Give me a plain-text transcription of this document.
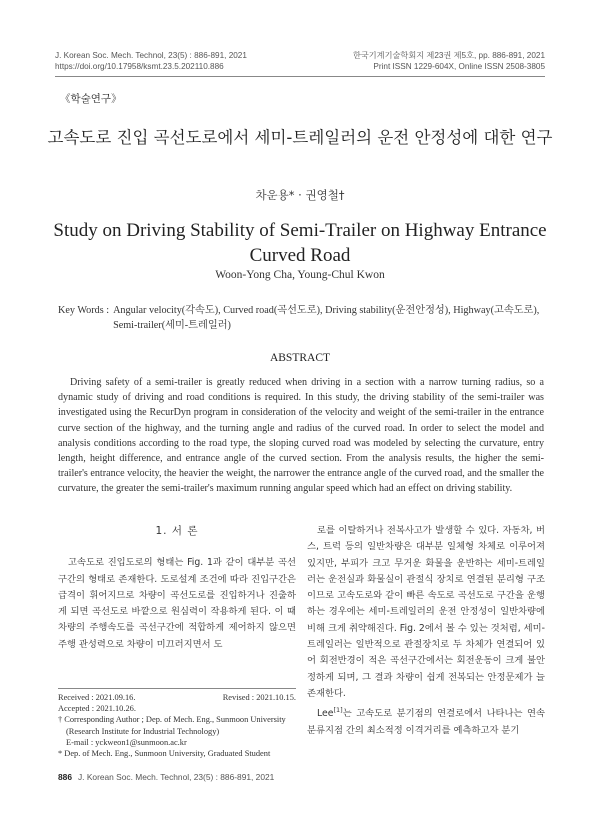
J. Korean Soc. Mech. Technol, 23(5) : 886-891, 2021
https://doi.org/10.17958/ksmt.23.5.202110.886
한국기계기술학회지 제23권 제5호, pp. 886-891, 2021
Print ISSN 1229-604X, Online ISSN 2508-3805
《학술연구》
고속도로 진입 곡선도로에서 세미-트레일러의 운전 안정성에 대한 연구
차운용* · 권영철†
Study on Driving Stability of Semi-Trailer on Highway Entrance
Curved Road
Woon-Yong Cha, Young-Chul Kwon
Key Words : Angular velocity(각속도), Curved road(곡선도로), Driving stability(운전안정성), Highway(고속도로), Semi-trailer(세미-트레일러)
ABSTRACT

Driving safety of a semi-trailer is greatly reduced when driving in a section with a narrow turning radius, so a dynamic study of driving and road conditions is required. In this study, the driving stability of the semi-trailer was investigated using the RecurDyn program in consideration of the velocity and weight of the semi-trailer in the entrance curve section of the highway, and the turning angle and radius of the curved road. In order to select the model and analysis conditions according to the road type, the sloping curved road was modeled by selecting the curvature, entry length, height difference, and entrance angle of the curved section. From the analysis results, the higher the semi-trailer's entrance velocity, the heavier the weight, the narrower the entrance angle of the curved road, and the smaller the curvature, the greater the semi-trailer's maximum running angular speed which had an effect on driving stability.

1. 서 론

고속도로 진입도로의 형태는 Fig. 1과 같이 대부분 곡선구간의 형태로 존재한다. 도로설계 조건에 따라 진입구간은 급격이 휘어지므로 차량이 곡선도로를 진입하거나 진출하게 되면 곡선도로 바깥으로 원심력이 작용하게 된다. 이 때 차량의 주행속도를 곡선구간에 적합하게 제어하지 않으면 주행 관성력으로 차량이 미끄러지면서 도

로를 이탈하거나 전복사고가 발생할 수 있다. 자동차, 버스, 트럭 등의 일반차량은 대부분 일체형 차체로 이루어져 있지만, 부피가 크고 무거운 화물을 운반하는 세미-트레일러는 운전실과 화물실이 관절식 장치로 연결된 분리형 구조이므로 고속도로와 같이 빠른 속도로 곡선도로 구간을 운행하는 경우에는 세미-트레일러의 운전 안정성이 일반차량에 비해 크게 취약해진다. Fig. 2에서 볼 수 있는 것처럼, 세미-트레일러는 일반적으로 관절장치로 두 차체가 연결되어 있어 회전반경이 적은 곡선구간에서는 회전운동이 크게 불안정하게 되며, 그 결과 차량이 쉽게 전복되는 안정문제가 늘 존재한다.

Lee[1]는 고속도로 분기점의 연결로에서 나타나는 연속 분류지점 간의 최소적정 이격거리를 예측하고자 분기

Received : 2021.09.16.	Revised : 2021.10.15.
Accepted : 2021.10.26.
† Corresponding Author ; Dep. of Mech. Eng., Sunmoon University
(Research Institute for Industrial Technology)
E-mail : yckweon1@sunmoon.ac.kr
* Dep. of Mech. Eng., Sunmoon University, Graduated Student
886 J. Korean Soc. Mech. Technol, 23(5) : 886-891, 2021
